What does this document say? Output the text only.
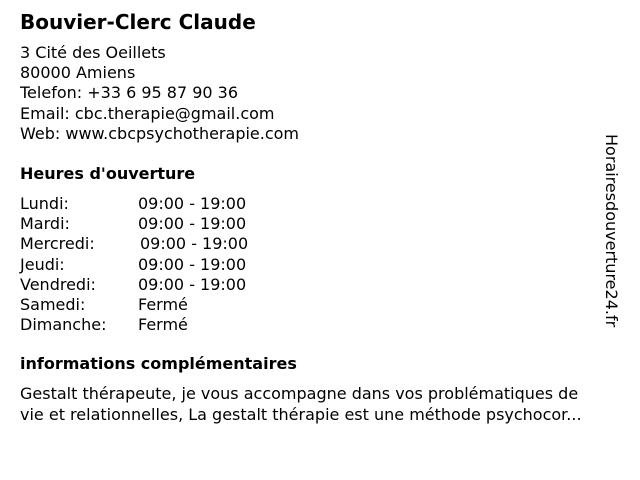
Bouvier-Clerc Claude
3 Cité des Oeillets
80000 Amiens
Telefon: +33 6 95 87 90 36
Email: cbc.therapie@gmail.com
Web: www.cbcpsychotherapie.com
Heures d'ouverture
Lundi:	09:00 - 19:00
Mardi:	09:00 - 19:00
Mercredi:	09:00 - 19:00
Jeudi:	09:00 - 19:00
Vendredi:	09:00 - 19:00
Samedi:	Fermé
Dimanche: Fermé
informations complémentaires
Gestalt thérapeute, je vous accompagne dans vos problématiques de
vie et relationnelles, La gestalt thérapie est une méthode psychocor...
Horairesdouverture24.fr
